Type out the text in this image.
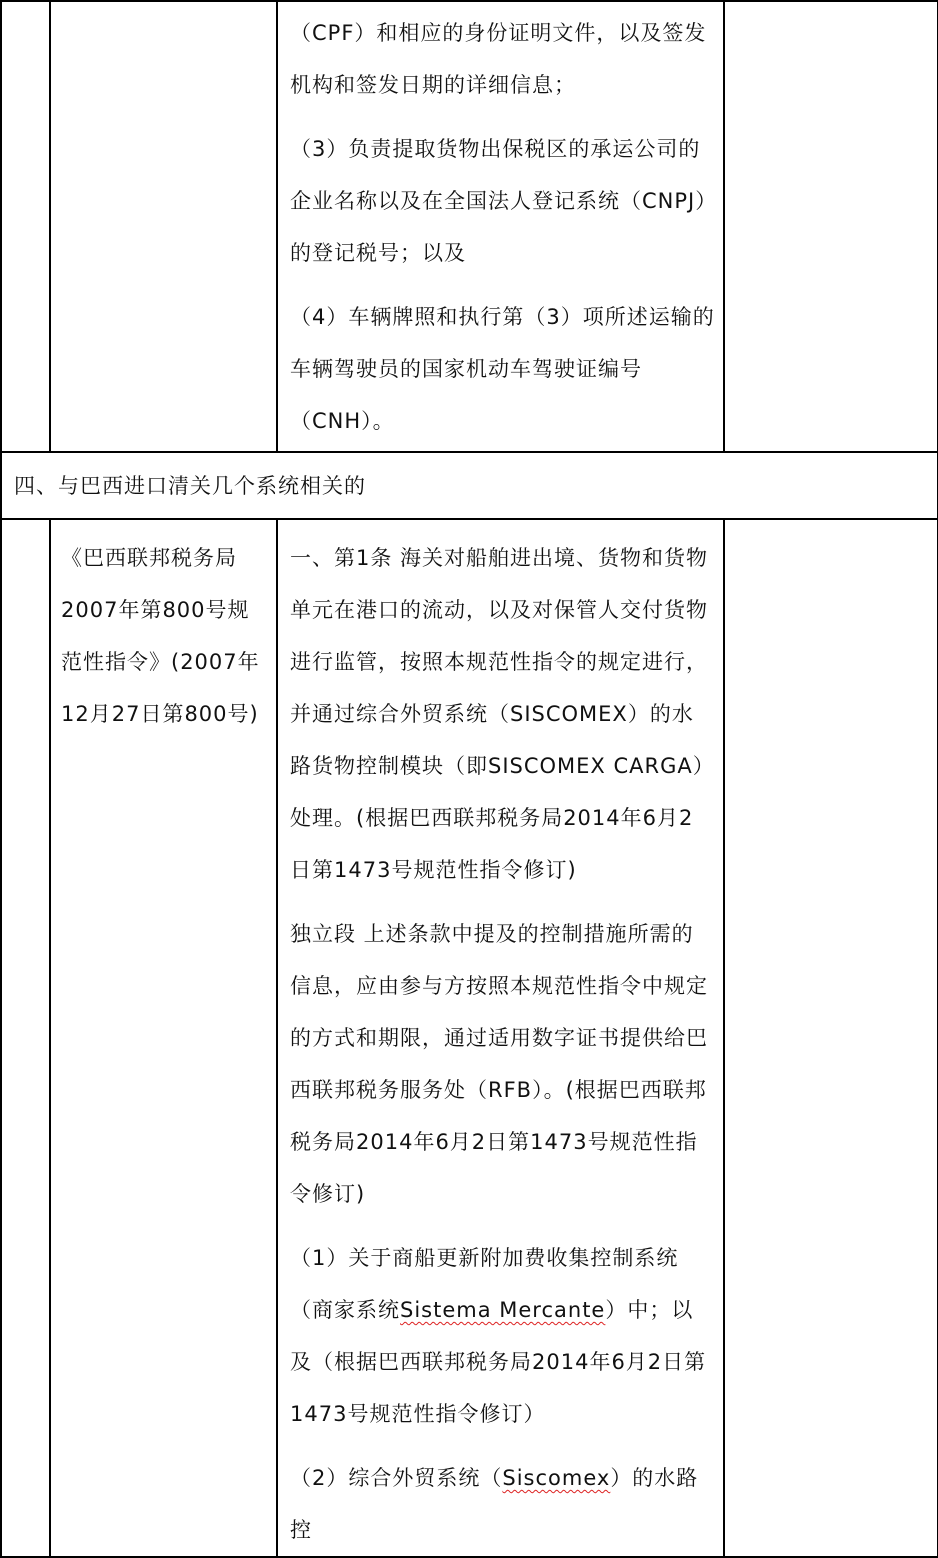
		（CPF）和相应的身份证明文件，以及签发机构和签发日期的详细信息；

（3）负责提取货物出保税区的承运公司的企业名称以及在全国法人登记系统（CNPJ）的登记税号；以及

（4）车辆牌照和执行第（3）项所述运输的车辆驾驶员的国家机动车驾驶证编号（CNH）。	

四、与巴西进口清关几个系统相关的			

	《巴西联邦税务局2007年第800号规范性指令》(2007年12月27日第800号)	一、第1条 海关对船舶进出境、货物和货物单元在港口的流动，以及对保管人交付货物进行监管，按照本规范性指令的规定进行，并通过综合外贸系统（SISCOMEX）的水路货物控制模块（即SISCOMEX CARGA）处理。(根据巴西联邦税务局2014年6月2日第1473号规范性指令修订)

独立段 上述条款中提及的控制措施所需的信息，应由参与方按照本规范性指令中规定的方式和期限，通过适用数字证书提供给巴西联邦税务服务处（RFB）。(根据巴西联邦税务局2014年6月2日第1473号规范性指令修订)

（1）关于商船更新附加费收集控制系统（商家系统Sistema Mercante）中；以及（根据巴西联邦税务局2014年6月2日第1473号规范性指令修订）

（2）综合外贸系统（Siscomex）的水路控	
